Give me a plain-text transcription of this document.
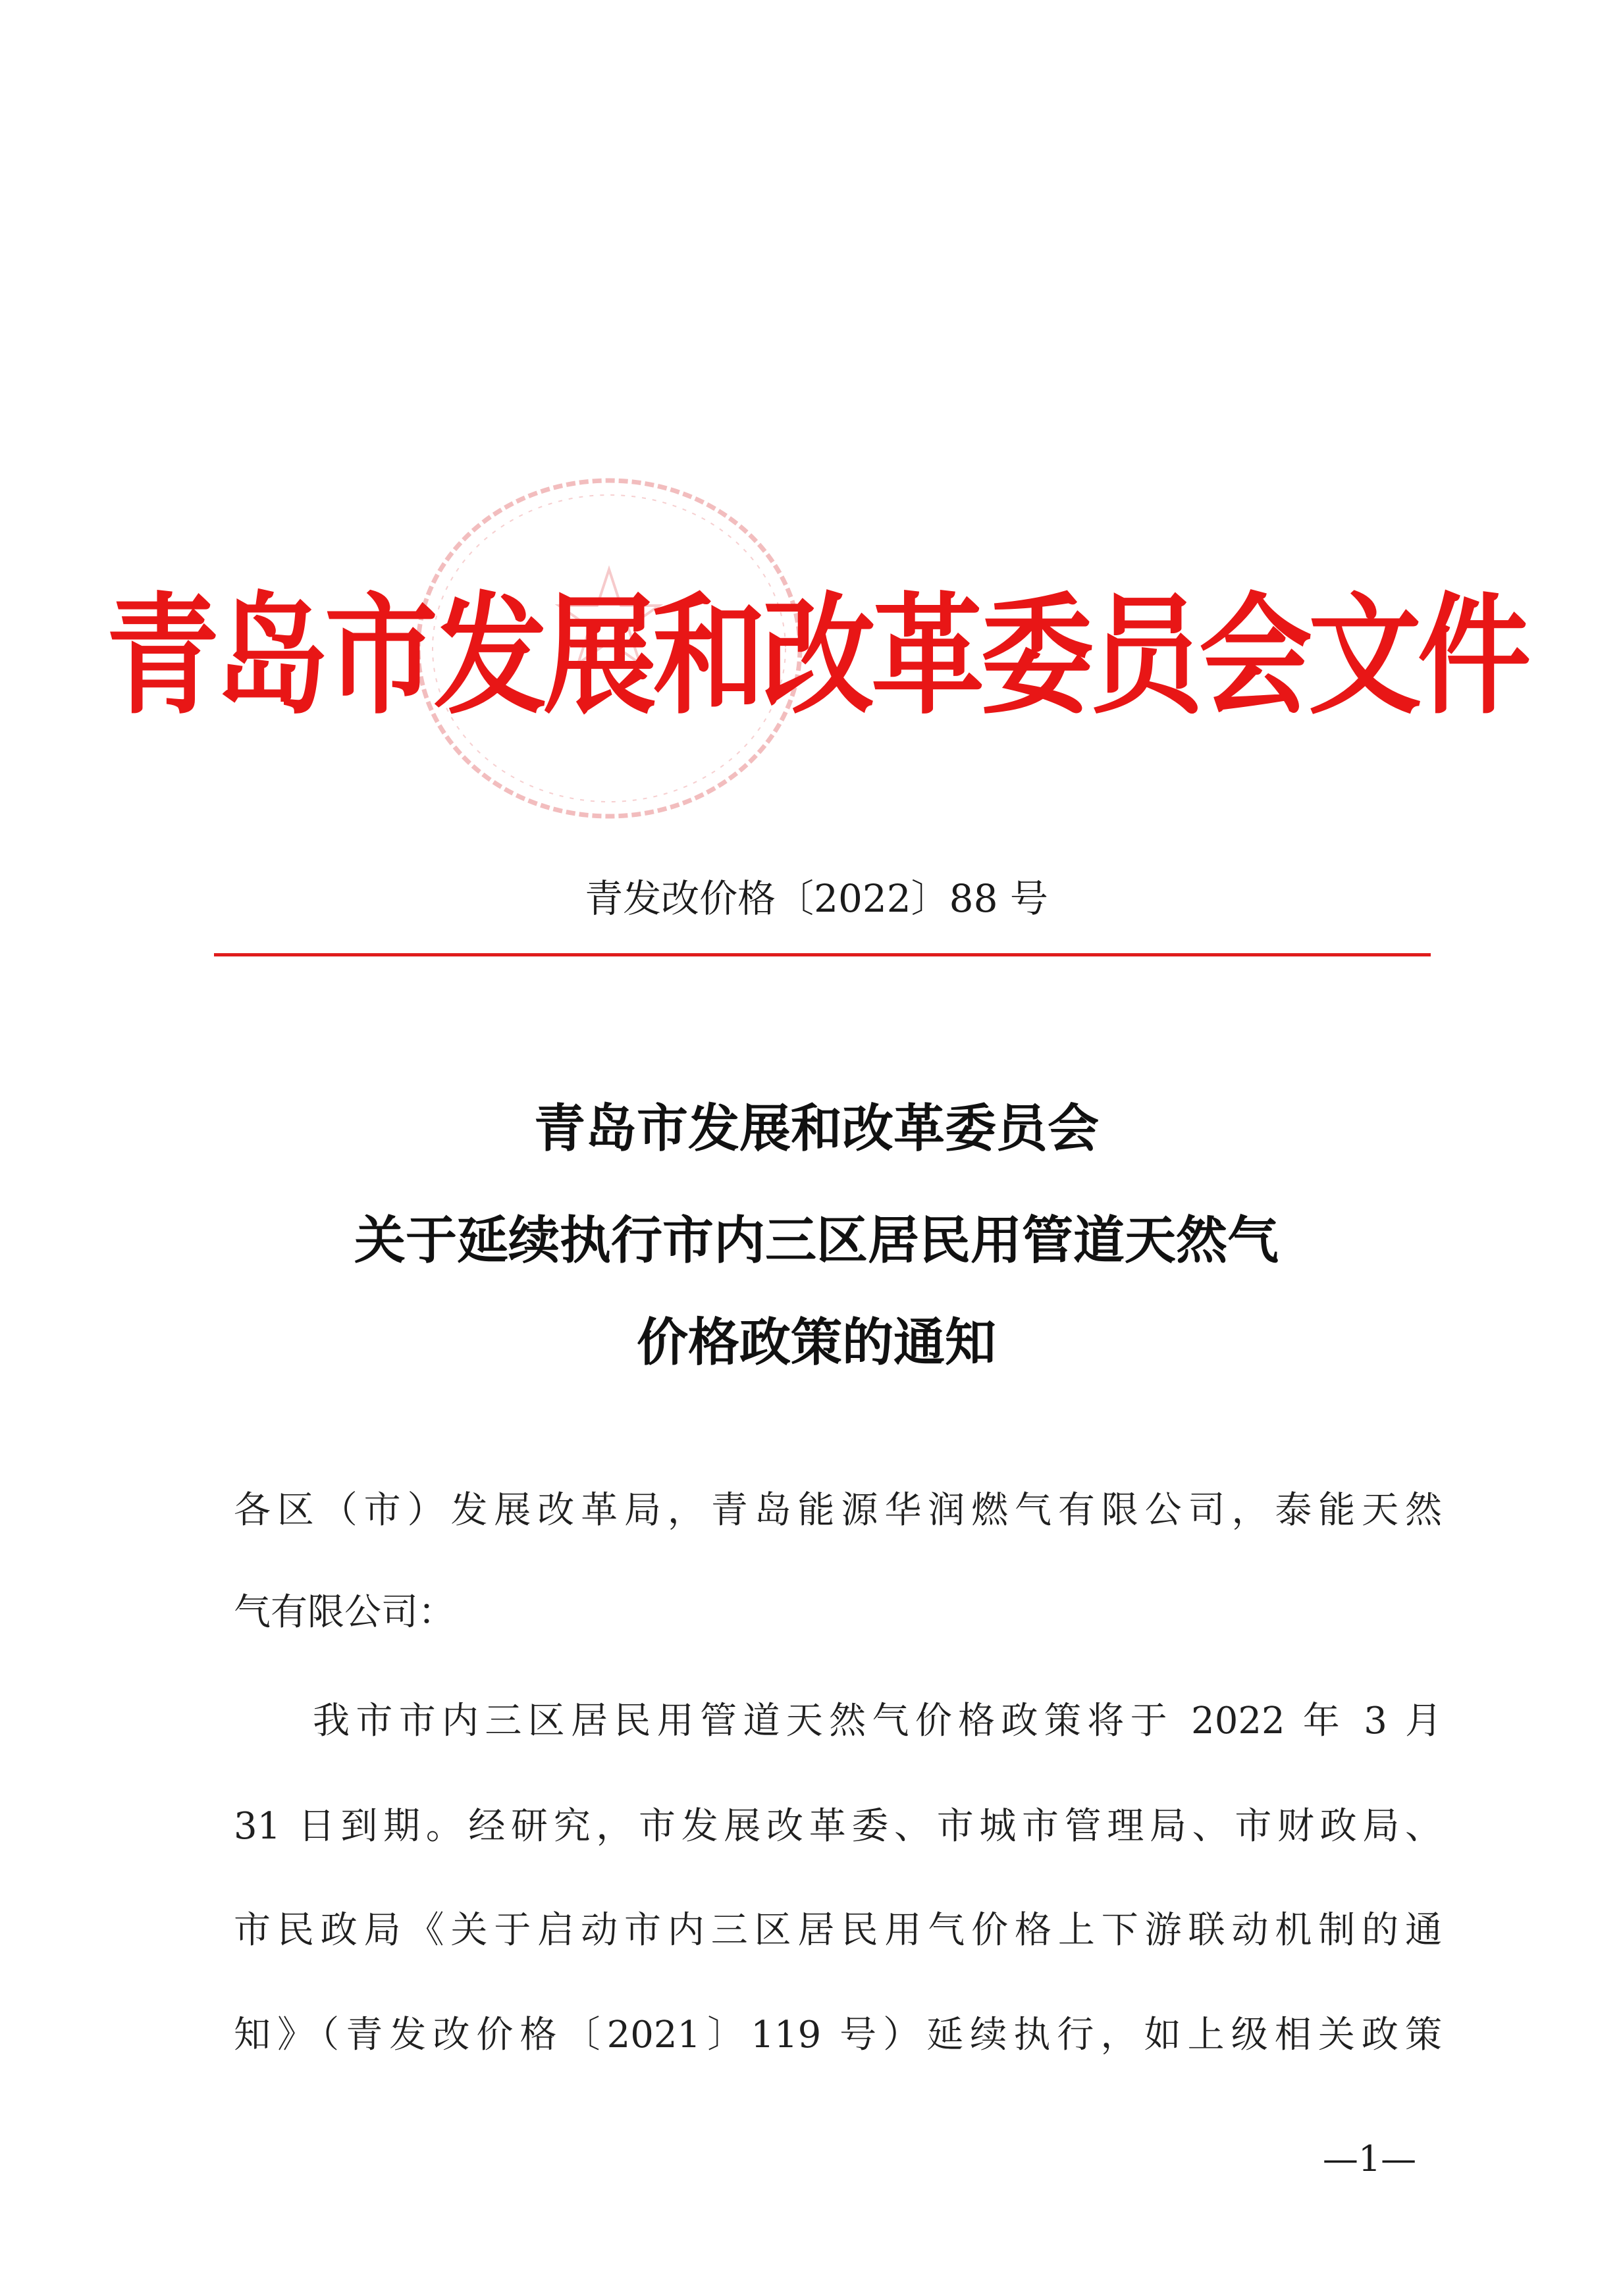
青岛市发展和改革委员会文件
青发改价格〔2022〕88 号
青岛市发展和改革委员会
关于延续执行市内三区居民用管道天然气
价格政策的通知
各区（市）发展改革局，青岛能源华润燃气有限公司，泰能天然
气有限公司：
我市市内三区居民用管道天然气价格政策将于 2022 年 3 月
31 日到期。经研究，市发展改革委、市城市管理局、市财政局、
市民政局《关于启动市内三区居民用气价格上下游联动机制的通
知》（青发改价格〔2021〕119 号）延续执行，如上级相关政策
—1—
